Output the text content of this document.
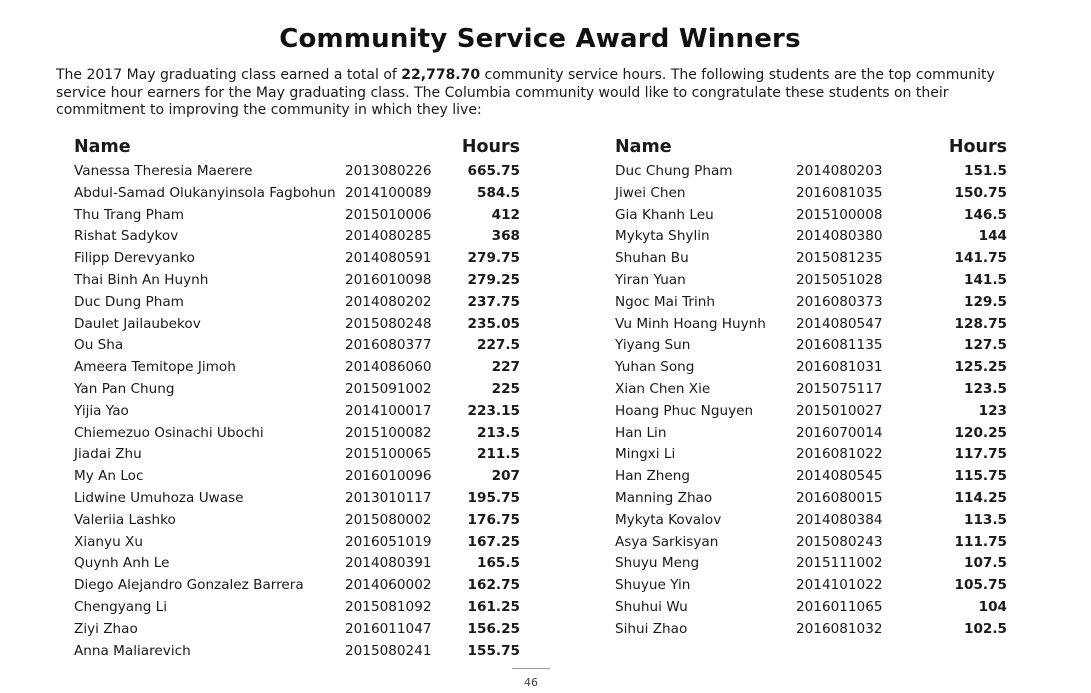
Community Service Award Winners
The 2017 May graduating class earned a total of 22,778.70 community service hours. The following students are the top community service hour earners for the May graduating class. The Columbia community would like to congratulate these students on their commitment to improving the community in which they live:
Name	Hours
Vanessa Theresia Maerere	2013080226	665.75
Abdul-Samad Olukanyinsola Fagbohun 2014100089	584.5
Thu Trang Pham	2015010006	412
Rishat Sadykov	2014080285	368
Filipp Derevyanko	2014080591	279.75
Thai Binh An Huynh	2016010098	279.25
Duc Dung Pham	2014080202	237.75
Daulet Jailaubekov	2015080248	235.05
Ou Sha	2016080377	227.5
Ameera Temitope Jimoh	2014086060	227
Yan Pan Chung	2015091002	225
Yijia Yao	2014100017	223.15
Chiemezuo Osinachi Ubochi	2015100082	213.5
Jiadai Zhu	2015100065	211.5
My An Loc	2016010096	207
Lidwine Umuhoza Uwase	2013010117	195.75
Valeriia Lashko	2015080002	176.75
Xianyu Xu	2016051019	167.25
Quynh Anh Le	2014080391	165.5
Diego Alejandro Gonzalez Barrera	2014060002	162.75
Chengyang Li	2015081092	161.25
Ziyi Zhao	2016011047	156.25
Anna Maliarevich	2015080241	155.75
Name	Hours
Duc Chung Pham	2014080203	151.5
Jiwei Chen	2016081035	150.75
Gia Khanh Leu	2015100008	146.5
Mykyta Shylin	2014080380	144
Shuhan Bu	2015081235	141.75
Yiran Yuan	2015051028	141.5
Ngoc Mai Trinh	2016080373	129.5
Vu Minh Hoang Huynh 2014080547	128.75
Yiyang Sun	2016081135	127.5
Yuhan Song	2016081031	125.25
Xian Chen Xie	2015075117	123.5
Hoang Phuc Nguyen	2015010027	123
Han Lin	2016070014	120.25
Mingxi Li	2016081022	117.75
Han Zheng	2014080545	115.75
Manning Zhao	2016080015	114.25
Mykyta Kovalov	2014080384	113.5
Asya Sarkisyan	2015080243	111.75
Shuyu Meng	2015111002	107.5
Shuyue Yin	2014101022	105.75
Shuhui Wu	2016011065	104
Sihui Zhao	2016081032	102.5
46
